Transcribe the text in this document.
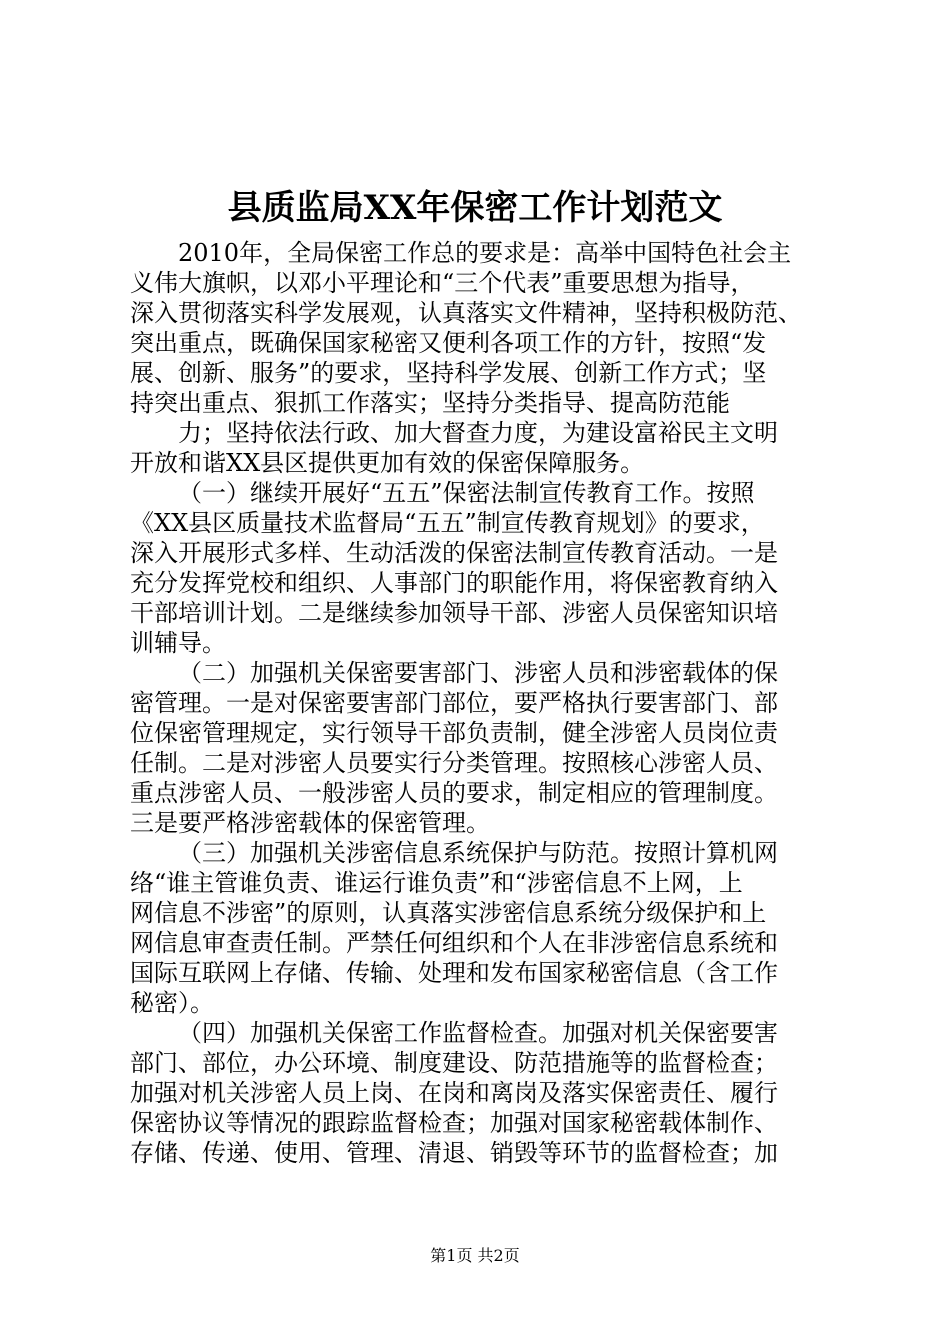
县质监局XX年保密工作计划范文
2010年，全局保密工作总的要求是：高举中国特色社会主
义伟大旗帜，以邓小平理论和“三个代表”重要思想为指导，
深入贯彻落实科学发展观，认真落实文件精神，坚持积极防范、
突出重点，既确保国家秘密又便利各项工作的方针，按照“发
展、创新、服务”的要求，坚持科学发展、创新工作方式；坚
持突出重点、狠抓工作落实；坚持分类指导、提高防范能
力；坚持依法行政、加大督查力度，为建设富裕民主文明
开放和谐XX县区提供更加有效的保密保障服务。
（一）继续开展好“五五”保密法制宣传教育工作。按照
《XX县区质量技术监督局“五五”制宣传教育规划》的要求，
深入开展形式多样、生动活泼的保密法制宣传教育活动。一是
充分发挥党校和组织、人事部门的职能作用，将保密教育纳入
干部培训计划。二是继续参加领导干部、涉密人员保密知识培
训辅导。
（二）加强机关保密要害部门、涉密人员和涉密载体的保
密管理。一是对保密要害部门部位，要严格执行要害部门、部
位保密管理规定，实行领导干部负责制，健全涉密人员岗位责
任制。二是对涉密人员要实行分类管理。按照核心涉密人员、
重点涉密人员、一般涉密人员的要求，制定相应的管理制度。
三是要严格涉密载体的保密管理。
（三）加强机关涉密信息系统保护与防范。按照计算机网
络“谁主管谁负责、谁运行谁负责”和“涉密信息不上网，上
网信息不涉密”的原则，认真落实涉密信息系统分级保护和上
网信息审查责任制。严禁任何组织和个人在非涉密信息系统和
国际互联网上存储、传输、处理和发布国家秘密信息（含工作
秘密）。
（四）加强机关保密工作监督检查。加强对机关保密要害
部门、部位，办公环境、制度建设、防范措施等的监督检查；
加强对机关涉密人员上岗、在岗和离岗及落实保密责任、履行
保密协议等情况的跟踪监督检查；加强对国家秘密载体制作、
存储、传递、使用、管理、清退、销毁等环节的监督检查；加
第1页 共2页
